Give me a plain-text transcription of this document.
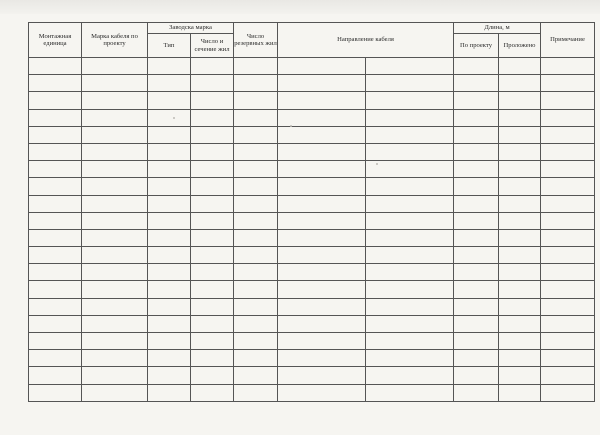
Монтажная единица	Марка кабеля по проекту	Заводска марка		Число резервных жил	Направление кабеля		Длина, м		Примечание
		Тип	Число и сечение жил				По проекту	Проложено	
